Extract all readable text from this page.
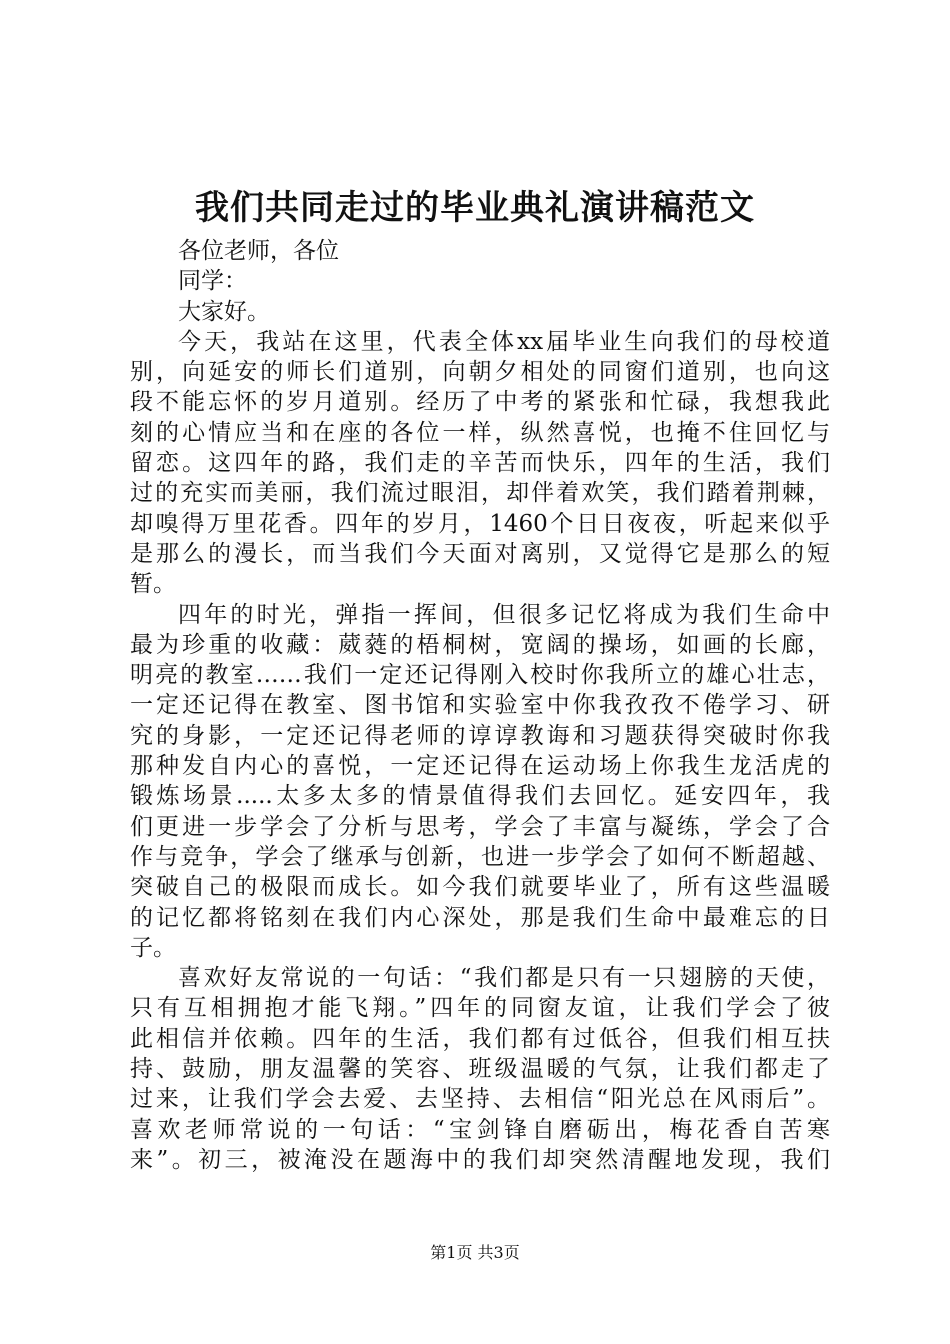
我们共同走过的毕业典礼演讲稿范文
各位老师，各位
同学：
大家好。
今天，我站在这里，代表全体xx届毕业生向我们的母校道
别，向延安的师长们道别，向朝夕相处的同窗们道别，也向这
段不能忘怀的岁月道别。经历了中考的紧张和忙碌，我想我此
刻的心情应当和在座的各位一样，纵然喜悦，也掩不住回忆与
留恋。这四年的路，我们走的辛苦而快乐，四年的生活，我们
过的充实而美丽，我们流过眼泪，却伴着欢笑，我们踏着荆棘，
却嗅得万里花香。四年的岁月，1460个日日夜夜，听起来似乎
是那么的漫长，而当我们今天面对离别，又觉得它是那么的短
暂。
四年的时光，弹指一挥间，但很多记忆将成为我们生命中
最为珍重的收藏：葳蕤的梧桐树，宽阔的操场，如画的长廊，
明亮的教室……我们一定还记得刚入校时你我所立的雄心壮志，
一定还记得在教室、图书馆和实验室中你我孜孜不倦学习、研
究的身影，一定还记得老师的谆谆教诲和习题获得突破时你我
那种发自内心的喜悦，一定还记得在运动场上你我生龙活虎的
锻炼场景.....太多太多的情景值得我们去回忆。延安四年，我
们更进一步学会了分析与思考，学会了丰富与凝练，学会了合
作与竞争，学会了继承与创新，也进一步学会了如何不断超越、
突破自己的极限而成长。如今我们就要毕业了，所有这些温暖
的记忆都将铭刻在我们内心深处，那是我们生命中最难忘的日
子。
喜欢好友常说的一句话：“我们都是只有一只翅膀的天使，
只有互相拥抱才能飞翔。”四年的同窗友谊，让我们学会了彼
此相信并依赖。四年的生活，我们都有过低谷，但我们相互扶
持、鼓励，朋友温馨的笑容、班级温暖的气氛，让我们都走了
过来，让我们学会去爱、去坚持、去相信“阳光总在风雨后”。
喜欢老师常说的一句话：“宝剑锋自磨砺出，梅花香自苦寒
来”。初三，被淹没在题海中的我们却突然清醒地发现，我们
第1页 共3页
